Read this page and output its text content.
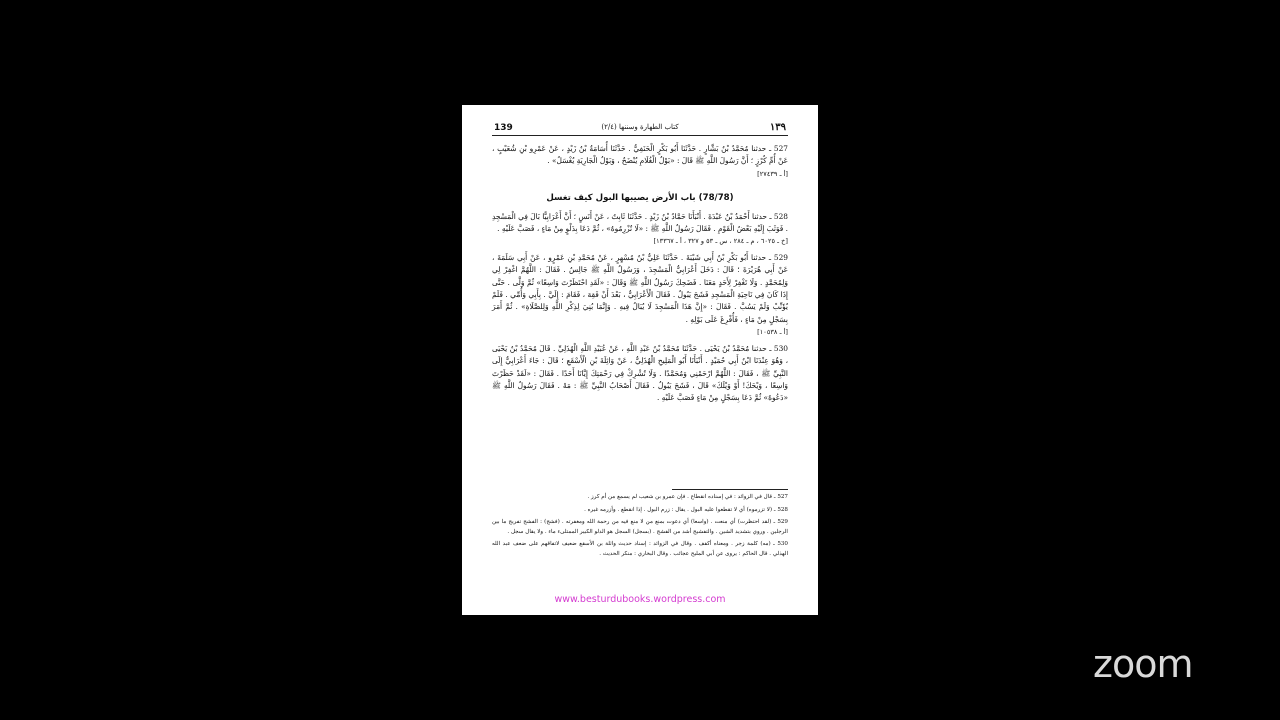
139	(٢/٤) كتاب الطهارة وسننها	١٣٩

527 ـ حدثنا مُحَمَّدُ بْنُ بَشَّارٍ . حَدَّثَنَا أَبُو بَكْرٍ الْحَنَفِيُّ . حَدَّثَنَا أُسَامَةُ بْنُ زَيْدٍ ، عَنْ عَمْرِو بْنِ شُعَيْبٍ ، عَنْ أُمِّ كُرْزٍ ؛ أَنَّ رَسُولَ اللَّهِ ﷺ قَالَ : «بَوْلُ الْغُلَامِ يُنْضَحُ ، وَبَوْلُ الْجَارِيَةِ يُغْسَلُ» .
[أ ـ ٢٧٤٣٩]

(78/78) باب الأرض يصيبها البول كيف تغسل

528 ـ حدثنا أَحْمَدُ بْنُ عَبْدَةَ . أَنْبَأَنَا حَمَّادُ بْنُ زَيْدٍ . حَدَّثَنَا ثَابِتٌ ، عَنْ أَنَسٍ ؛ أَنَّ أَعْرَابِيًّا بَالَ فِي الْمَسْجِدِ . فَوَثَبَ إِلَيْهِ بَعْضُ الْقَوْمِ . فَقَالَ رَسُولُ اللَّهِ ﷺ : «لَا تُزْرِمُوهُ» ، ثُمَّ دَعَا بِدَلْوٍ مِنْ مَاءٍ ، فَصَبَّ عَلَيْهِ .
[خ ـ ٦٠٢٥ ، م ـ ٢٨٤ ، س ـ ٥٣ و ٣٢٧ ، أ ـ ١٣٣٦٧]

529 ـ حدثنا أَبُو بَكْرِ بْنُ أَبِي شَيْبَةَ . حَدَّثَنَا عَلِيُّ بْنُ مُسْهِرٍ ، عَنْ مُحَمَّدِ بْنِ عَمْرٍو ، عَنْ أَبِي سَلَمَةَ ، عَنْ أَبِي هُرَيْرَةَ ؛ قَالَ : دَخَلَ أَعْرَابِيٌّ الْمَسْجِدَ ، وَرَسُولُ اللَّهِ ﷺ جَالِسٌ . فَقَالَ : اللَّهُمَّ اغْفِرْ لِي وَلِمُحَمَّدٍ . وَلَا تَغْفِرْ لِأَحَدٍ مَعَنَا . فَضَحِكَ رَسُولُ اللَّهِ ﷺ وَقَالَ : «لَقَدِ احْتَظَرْتَ وَاسِعًا» ثُمَّ وَلَّى . حَتَّى إِذَا كَانَ فِي نَاحِيَةِ الْمَسْجِدِ فَشَجَ يَبُولُ . فَقَالَ الْأَعْرَابِيُّ ، بَعْدَ أَنْ فَقِهَ ، فَقَامَ : إِلَيَّ . بِأَبِي وَأُمِّي . فَلَمْ يُؤَنِّبْ وَلَمْ يَسُبَّ . فَقَالَ : «إِنَّ هَذَا الْمَسْجِدَ لَا يُبَالُ فِيهِ . وَإِنَّمَا بُنِيَ لِذِكْرِ اللَّهِ وَلِلصَّلَاةِ» . ثُمَّ أَمَرَ بِسَجْلٍ مِنْ مَاءٍ ، فَأُفْرِغَ عَلَى بَوْلِهِ .
[أ ـ ١٠٥٣٨]

530 ـ حدثنا مُحَمَّدُ بْنُ يَحْيَى . حَدَّثَنَا مُحَمَّدُ بْنُ عَبْدِ اللَّهِ ، عَنْ عُبَيْدِ اللَّهِ الْهُذَلِيِّ . قَالَ مُحَمَّدُ بْنُ يَحْيَى ، وَهُوَ عِنْدَنَا ابْنُ أَبِي حُمَيْدٍ . أَنْبَأَنَا أَبُو الْمَلِيحِ الْهُذَلِيُّ ، عَنْ وَاثِلَةَ بْنِ الْأَسْقَعِ ؛ قَالَ : جَاءَ أَعْرَابِيٌّ إِلَى النَّبِيِّ ﷺ ، فَقَالَ : اللَّهُمَّ ارْحَمْنِي وَمُحَمَّدًا . وَلَا تُشْرِكْ فِي رَحْمَتِكَ إِيَّانَا أَحَدًا . فَقَالَ : «لَقَدْ حَظَرْتَ وَاسِعًا ، وَيْحَكَ! أَوْ وَيْلَكَ» قَالَ ، فَشَجَ يَبُولُ . فَقَالَ أَصْحَابُ النَّبِيِّ ﷺ : مَهْ . فَقَالَ رَسُولُ اللَّهِ ﷺ «دَعُوهُ» ثُمَّ دَعَا بِسَجْلٍ مِنْ مَاءٍ فَصَبَّ عَلَيْهِ .

527 ـ قال في الزوائد : في إسناده انقطاع . فإن عمرو بن شعيب لم يسمع من أم كرز .

528 ـ (لا تزرموه) أي لا تقطعوا عليه البول . يقال : زرم البول . إذا انقطع . وأزرمه غيره .

529 ـ (لقد احتظرت) أي منعت . (واسعا) أي دعوت بمنع من لا منع فيه من رحمة الله ومغفرته . (فشج) : الفشج تفريج ما بين الرجلين . وروي بتشديد الشين . والتفشيج أشد من الفشج . (بسجل) السجل هو الدلو الكبير الممتلىء ماء . ولا يقال سجل .

530 ـ (مه) كلمة زجر . ومعناه أكفف . وقال في الزوائد : إسناد حديث واثلة بن الأسقع ضعيف لاتفاقهم على ضعف عبد الله الهذلي . قال الحاكم : يروى عن أبي المليح عجائب . وقال البخاري : منكر الحديث .

www.besturdubooks.wordpress.com
zoom
